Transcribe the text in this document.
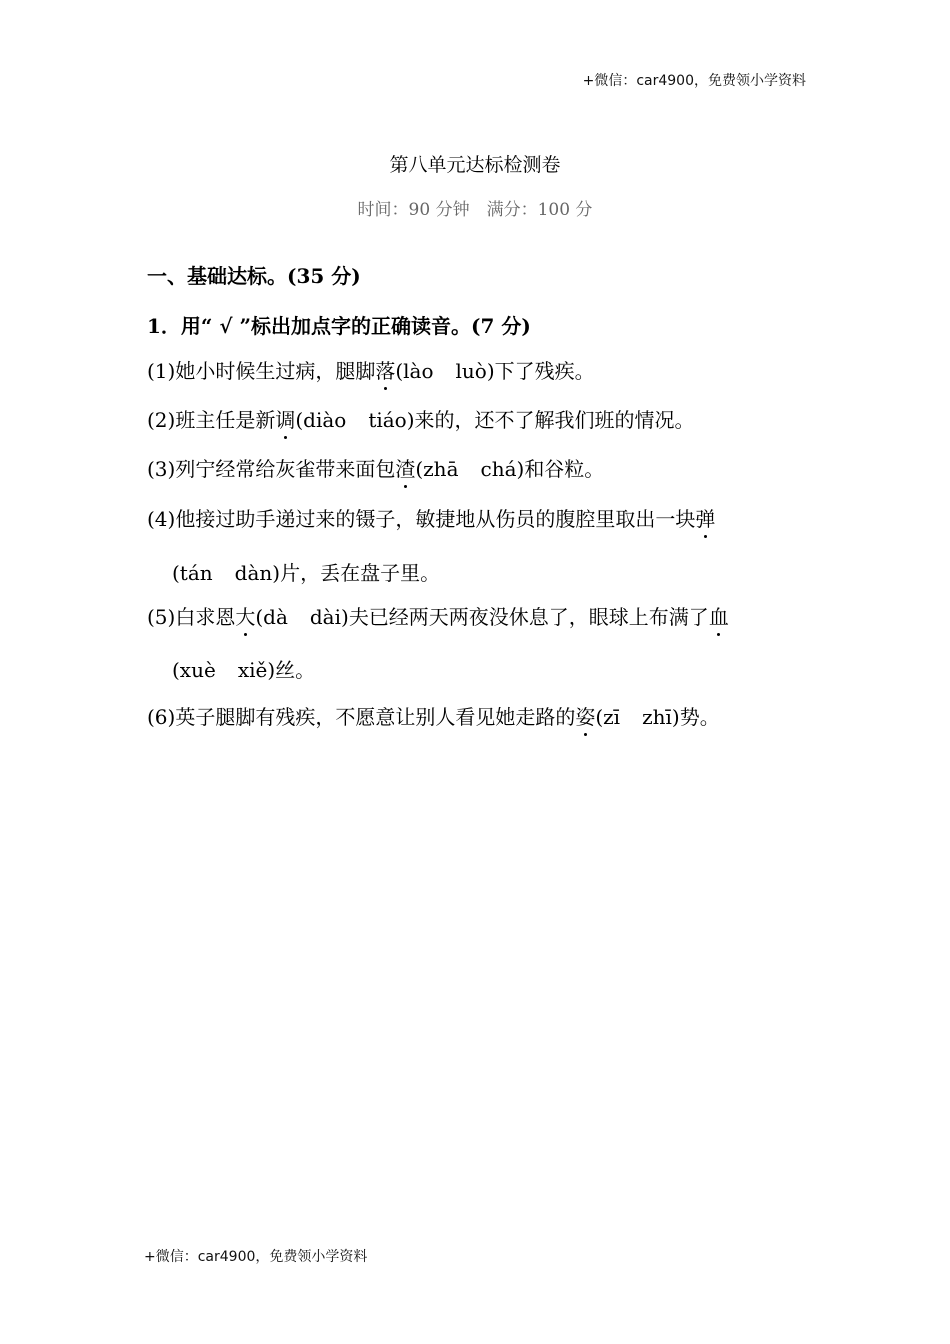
+微信：car4900，免费领小学资料
第八单元达标检测卷
时间：90 分钟　满分：100 分
一、基础达标。(35 分)
1．用“ √ ”标出加点字的正确读音。(7 分)
(1)她小时候生过病，腿脚落(lào luò)下了残疾。
(2)班主任是新调(diào tiáo)来的，还不了解我们班的情况。
(3)列宁经常给灰雀带来面包渣(zhā chá)和谷粒。
(4)他接过助手递过来的镊子，敏捷地从伤员的腹腔里取出一块弹
(tán dàn)片，丢在盘子里。
(5)白求恩大(dà dài)夫已经两天两夜没休息了，眼球上布满了血
(xuè xiě)丝。
(6)英子腿脚有残疾，不愿意让别人看见她走路的姿(zī zhī)势。
+微信：car4900，免费领小学资料
